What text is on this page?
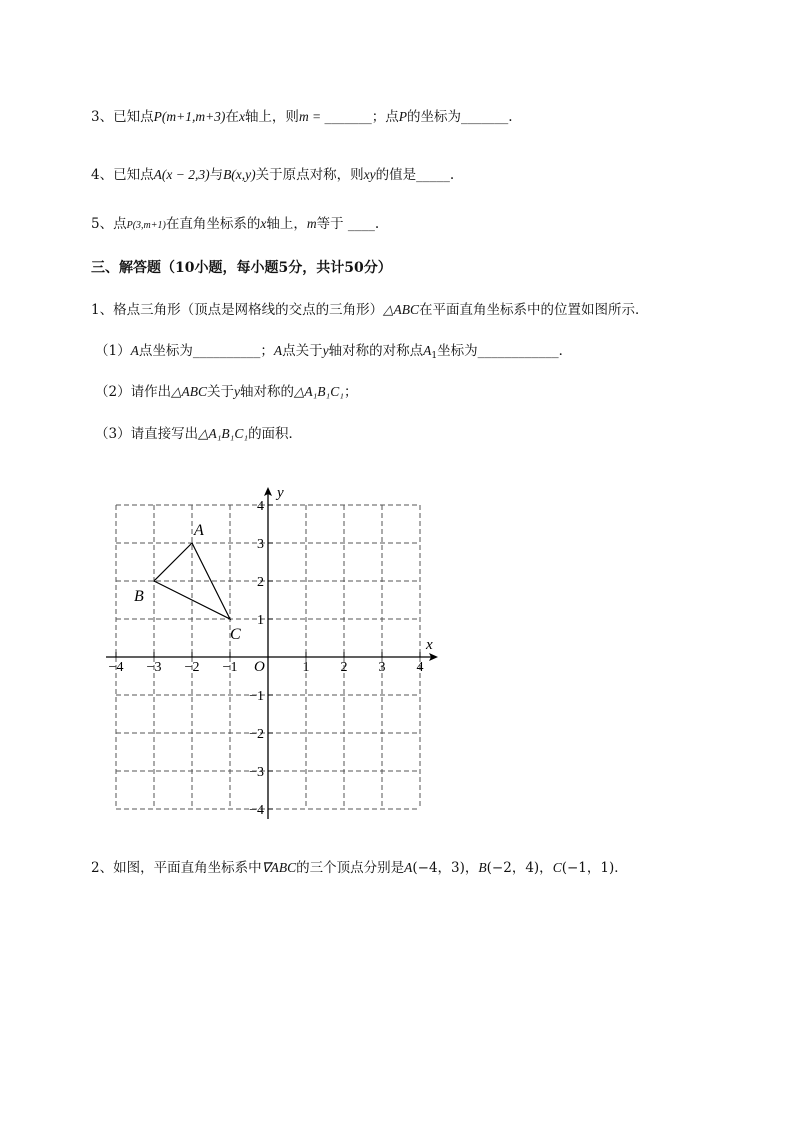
3、已知点P(m+1,m+3)在x轴上，则m = _______；点P的坐标为_______.
4、已知点A(x − 2,3)与B(x,y)关于原点对称，则xy的值是_____.
5、点P(3,m+1)在直角坐标系的x轴上，m等于 ____.
三、解答题（10小题，每小题5分，共计50分）
1、格点三角形（顶点是网格线的交点的三角形）△ABC在平面直角坐标系中的位置如图所示．
（1）A点坐标为__________；A点关于y轴对称的对称点$A_1$坐标为____________．
（2）请作出△ABC关于y轴对称的△A₁B₁C₁；
（3）请直接写出△A₁B₁C₁的面积．
−4 −3 −2 −1	1 2 3 4
4
3
2
1
−1
−2
−3
−4
x
y
O
A
B
C
2、如图，平面直角坐标系中∇ABC的三个顶点分别是A(−4，3)，B(−2，4)，C(−1，1)．
